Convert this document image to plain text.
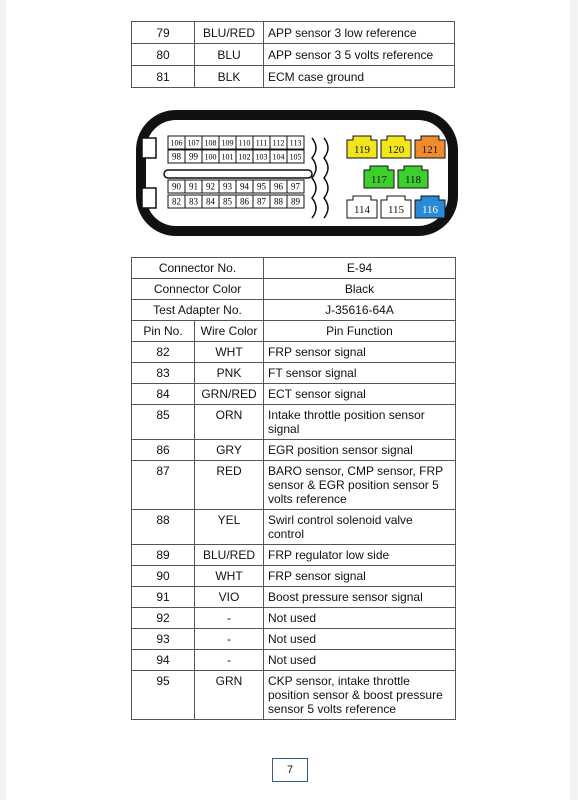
79	BLU/RED	APP sensor 3 low reference
80	BLU	APP sensor 3 5 volts reference
81	BLK	ECM case ground
106 107 108 109 110 111 112 113
98 99 100 101 102 103 104 105
90 91 92 93 94 95 96 97
82 83 84 85 86 87 88 89
119 120 121
117 118
114 115 116
Connector No.		E-94
Connector Color		Black
Test Adapter No.		J-35616-64A
Pin No.	Wire Color	Pin Function
82	WHT	FRP sensor signal
83	PNK	FT sensor signal
84	GRN/RED	ECT sensor signal
85	ORN	Intake throttle position sensor signal
86	GRY	EGR position sensor signal
87	RED	BARO sensor, CMP sensor, FRP sensor & EGR position sensor 5 volts reference
88	YEL	Swirl control solenoid valve control
89	BLU/RED	FRP regulator low side
90	WHT	FRP sensor signal
91	VIO	Boost pressure sensor signal
92	-	Not used
93	-	Not used
94	-	Not used
95	GRN	CKP sensor, intake throttle position sensor & boost pressure sensor 5 volts reference
7
